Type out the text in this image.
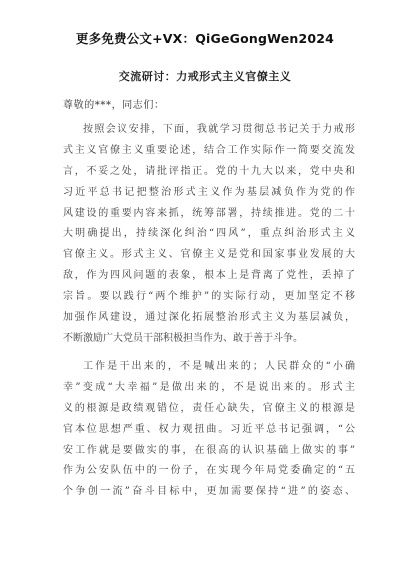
更多免费公文+VX：QiGeGongWen2024
交流研讨：力戒形式主义官僚主义
尊敬的***，同志们：
按照会议安排，下面，我就学习贯彻总书记关于力戒形
式主义官僚主义重要论述，结合工作实际作一简要交流发
言，不妥之处，请批评指正。党的十九大以来，党中央和
习近平总书记把整治形式主义作为基层减负作为党的作
风建设的重要内容来抓，统筹部署，持续推进。党的二十
大明确提出，持续深化纠治“四风”，重点纠治形式主义
官僚主义。形式主义、官僚主义是党和国家事业发展的大
敌，作为四风问题的表象，根本上是背离了党性，丢掉了
宗旨。要以践行“两个维护”的实际行动，更加坚定不移
加强作风建设，通过深化拓展整治形式主义为基层减负，
不断激励广大党员干部积极担当作为、敢于善于斗争。
工作是干出来的，不是喊出来的；人民群众的“小确
幸”变成“大幸福”是做出来的，不是说出来的。形式主
义的根源是政绩观错位，责任心缺失，官僚主义的根源是
官本位思想严重、权力观扭曲。习近平总书记强调，“公
安工作就是要做实的事，在很高的认识基础上做实的事”
作为公安队伍中的一份子，在实现今年局党委确定的“五
个争创一流”奋斗目标中，更加需要保持“进”的姿态、
